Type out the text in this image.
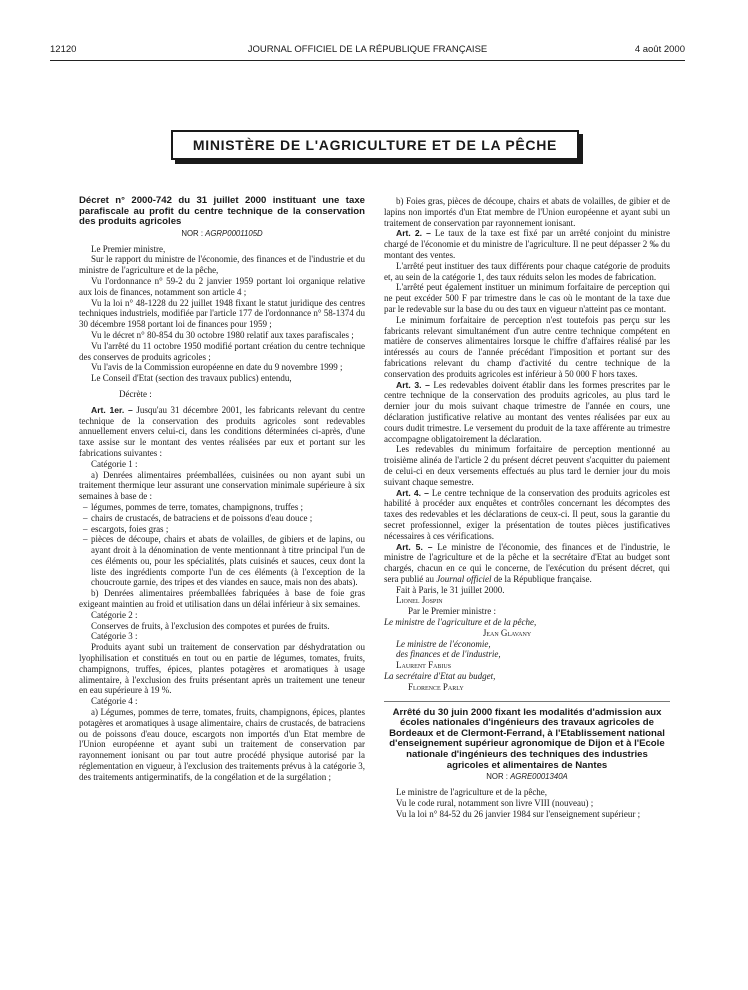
12120	JOURNAL OFFICIEL DE LA RÉPUBLIQUE FRANÇAISE	4 août 2000
MINISTÈRE DE L'AGRICULTURE ET DE LA PÊCHE
Décret n° 2000-742 du 31 juillet 2000 instituant une taxe parafiscale au profit du centre technique de la conservation des produits agricoles
NOR : AGRP0001105D

Le Premier ministre,

Sur le rapport du ministre de l'économie, des finances et de l'industrie et du ministre de l'agriculture et de la pêche,

Vu l'ordonnance n° 59-2 du 2 janvier 1959 portant loi organique relative aux lois de finances, notamment son article 4 ;

Vu la loi n° 48-1228 du 22 juillet 1948 fixant le statut juridique des centres techniques industriels, modifiée par l'article 177 de l'ordonnance n° 58-1374 du 30 décembre 1958 portant loi de finances pour 1959 ;

Vu le décret n° 80-854 du 30 octobre 1980 relatif aux taxes parafiscales ;

Vu l'arrêté du 11 octobre 1950 modifié portant création du centre technique des conserves de produits agricoles ;

Vu l'avis de la Commission européenne en date du 9 novembre 1999 ;

Le Conseil d'Etat (section des travaux publics) entendu,

Décrète :

Art. 1er. – Jusqu'au 31 décembre 2001, les fabricants relevant du centre technique de la conservation des produits agricoles sont redevables annuellement envers celui-ci, dans les conditions déterminées ci-après, d'une taxe assise sur le montant des ventes réalisées par eux et portant sur les fabrications suivantes :

Catégorie 1 :

a) Denrées alimentaires préemballées, cuisinées ou non ayant subi un traitement thermique leur assurant une conservation minimale supérieure à six semaines à base de :

– légumes, pommes de terre, tomates, champignons, truffes ;
– chairs de crustacés, de batraciens et de poissons d'eau douce ;
– escargots, foies gras ;
– pièces de découpe, chairs et abats de volailles, de gibiers et de lapins, ou ayant droit à la dénomination de vente mentionnant à titre principal l'un de ces éléments ou, pour les spécialités, plats cuisinés et sauces, ceux dont la liste des ingrédients comporte l'un de ces éléments (à l'exception de la choucroute garnie, des tripes et des viandes en sauce, mais non des abats).

b) Denrées alimentaires préemballées fabriquées à base de foie gras exigeant maintien au froid et utilisation dans un délai inférieur à six semaines.

Catégorie 2 :

Conserves de fruits, à l'exclusion des compotes et purées de fruits.

Catégorie 3 :

Produits ayant subi un traitement de conservation par déshydratation ou lyophilisation et constitués en tout ou en partie de légumes, tomates, fruits, champignons, truffes, épices, plantes potagères et aromatiques à usage alimentaire, à l'exclusion des fruits présentant après un traitement une teneur en eau supérieure à 19 %.

Catégorie 4 :

a) Légumes, pommes de terre, tomates, fruits, champignons, épices, plantes potagères et aromatiques à usage alimentaire, chairs de crustacés, de batraciens ou de poissons d'eau douce, escargots non importés d'un Etat membre de l'Union européenne et ayant subi un traitement de conservation par rayonnement ionisant ou par tout autre procédé physique autorisé par la réglementation en vigueur, à l'exclusion des traitements prévus à la catégorie 3, des traitements antigerminatifs, de la congélation et de la surgélation ;

b) Foies gras, pièces de découpe, chairs et abats de volailles, de gibier et de lapins non importés d'un Etat membre de l'Union européenne et ayant subi un traitement de conservation par rayonnement ionisant.

Art. 2. – Le taux de la taxe est fixé par un arrêté conjoint du ministre chargé de l'économie et du ministre de l'agriculture. Il ne peut dépasser 2 ‰ du montant des ventes.

L'arrêté peut instituer des taux différents pour chaque catégorie de produits et, au sein de la catégorie 1, des taux réduits selon les modes de fabrication.

L'arrêté peut également instituer un minimum forfaitaire de perception qui ne peut excéder 500 F par trimestre dans le cas où le montant de la taxe due par le redevable sur la base du ou des taux en vigueur n'atteint pas ce montant.

Le minimum forfaitaire de perception n'est toutefois pas perçu sur les fabricants relevant simultanément d'un autre centre technique compétent en matière de conserves alimentaires lorsque le chiffre d'affaires réalisé par les intéressés au cours de l'année précédant l'imposition et portant sur des fabrications relevant du champ d'activité du centre technique de la conservation des produits agricoles est inférieur à 50 000 F hors taxes.

Art. 3. – Les redevables doivent établir dans les formes prescrites par le centre technique de la conservation des produits agricoles, au plus tard le dernier jour du mois suivant chaque trimestre de l'année en cours, une déclaration justificative relative au montant des ventes réalisées par eux au cours dudit trimestre. Le versement du produit de la taxe afférente au trimestre accompagne obligatoirement la déclaration.

Les redevables du minimum forfaitaire de perception mentionné au troisième alinéa de l'article 2 du présent décret peuvent s'acquitter du paiement de celui-ci en deux versements effectués au plus tard le dernier jour du mois suivant chaque semestre.

Art. 4. – Le centre technique de la conservation des produits agricoles est habilité à procéder aux enquêtes et contrôles concernant les décomptes des taxes des redevables et les déclarations de ceux-ci. Il peut, sous la garantie du secret professionnel, exiger la présentation de toutes pièces justificatives nécessaires à ces vérifications.

Art. 5. – Le ministre de l'économie, des finances et de l'industrie, le ministre de l'agriculture et de la pêche et la secrétaire d'Etat au budget sont chargés, chacun en ce qui le concerne, de l'exécution du présent décret, qui sera publié au Journal officiel de la République française.

Fait à Paris, le 31 juillet 2000.

Lionel Jospin

Par le Premier ministre :

Le ministre de l'agriculture et de la pêche,

Jean Glavany

Le ministre de l'économie,

des finances et de l'industrie,

Laurent Fabius

La secrétaire d'Etat au budget,

Florence Parly

Arrêté du 30 juin 2000 fixant les modalités d'admission aux écoles nationales d'ingénieurs des travaux agricoles de Bordeaux et de Clermont-Ferrand, à l'Etablissement national d'enseignement supérieur agronomique de Dijon et à l'Ecole nationale d'ingénieurs des techniques des industries agricoles et alimentaires de Nantes
NOR : AGRE0001340A

Le ministre de l'agriculture et de la pêche,

Vu le code rural, notamment son livre VIII (nouveau) ;

Vu la loi n° 84-52 du 26 janvier 1984 sur l'enseignement supérieur ;
